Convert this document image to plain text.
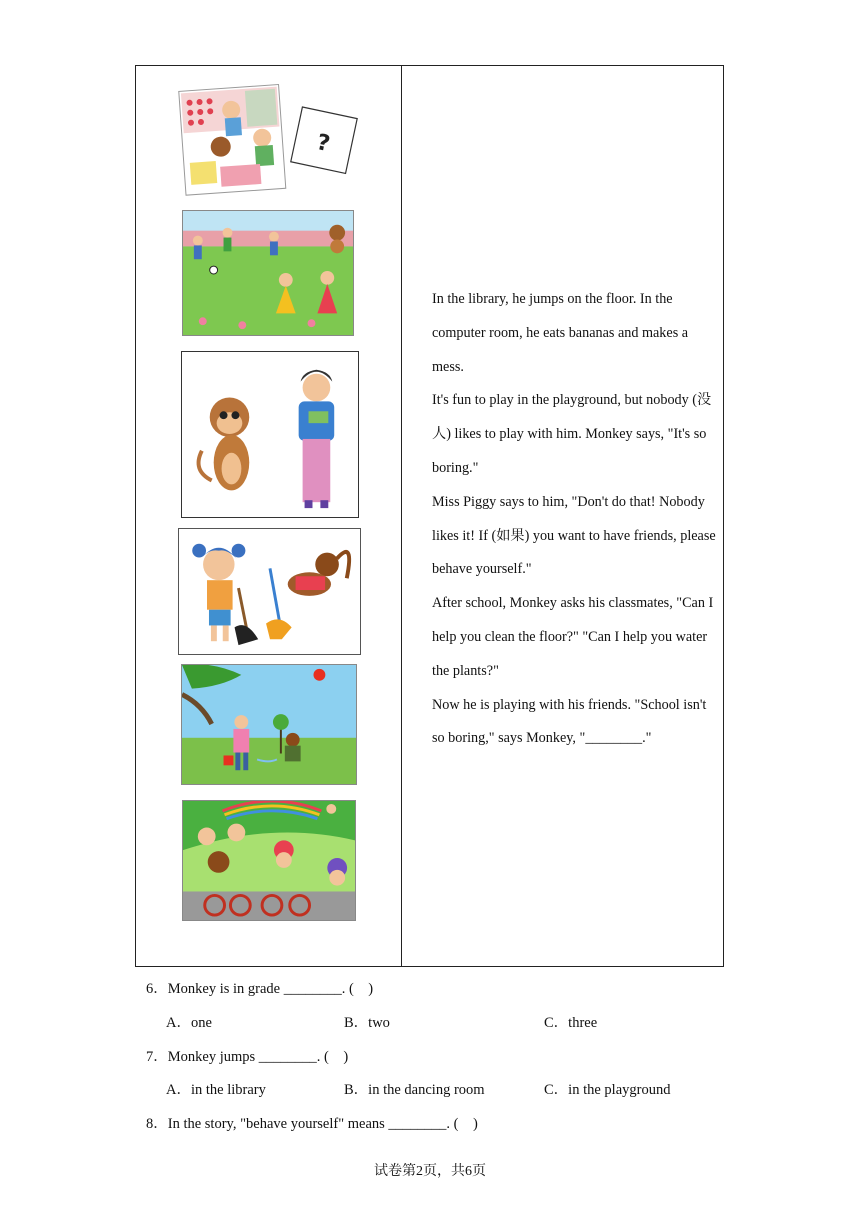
?

In the library, he jumps on the floor. In the computer room, he eats bananas and makes a mess.

It's fun to play in the playground, but nobody (没人) likes to play with him. Monkey says, "It's so boring."

Miss Piggy says to him, "Don't do that! Nobody likes it! If (如果) you want to have friends, please behave yourself."

After school, Monkey asks his classmates, "Can I help you clean the floor?" "Can I help you water the plants?"

Now he is playing with his friends. "School isn't so boring," says Monkey, "________."

6．Monkey is in grade ________. (　)
A．one	B．two	C．three
7．Monkey jumps ________. (　)
A．in the library	B．in the dancing room	C．in the playground
8．In the story, "behave yourself" means ________. (　)
试卷第2页，共6页
